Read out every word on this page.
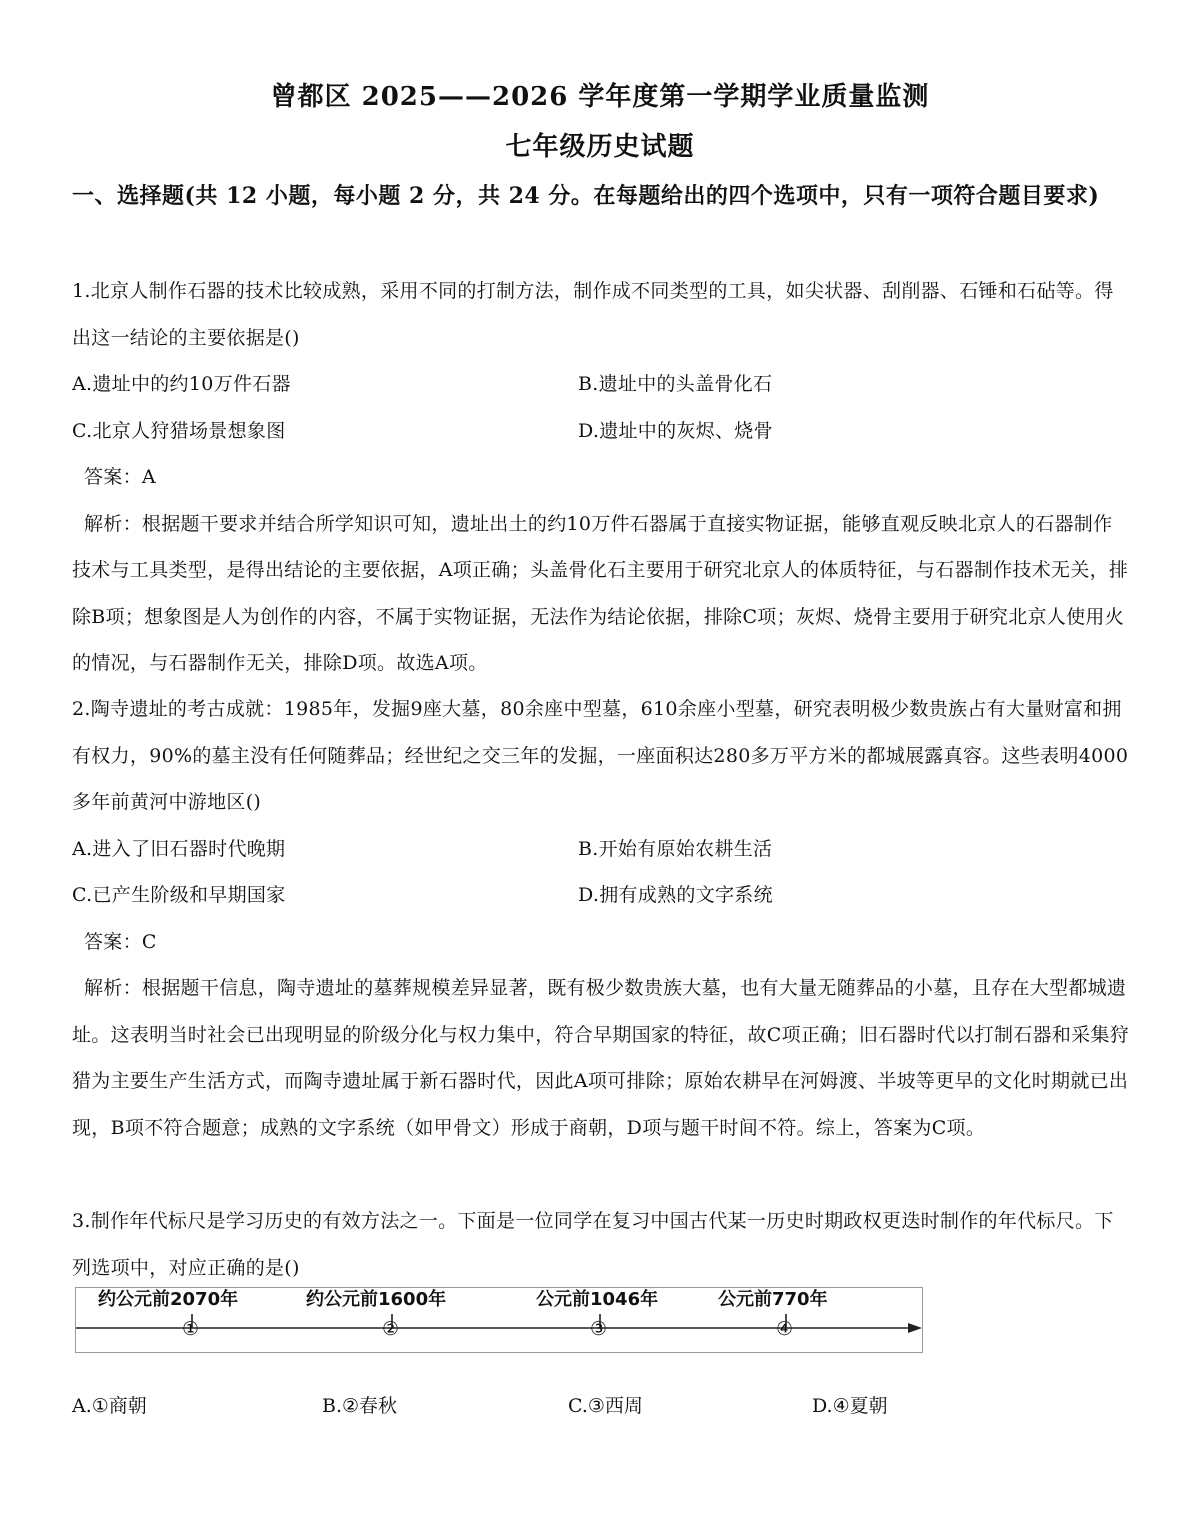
曾都区 2025——2026 学年度第一学期学业质量监测
七年级历史试题
一、选择题(共 12 小题，每小题 2 分，共 24 分。在每题给出的四个选项中，只有一项符合题目要求)
1.北京人制作石器的技术比较成熟，采用不同的打制方法，制作成不同类型的工具，如尖状器、刮削器、石锤和石砧等。得出这一结论的主要依据是()
A.遗址中的约10万件石器	B.遗址中的头盖骨化石
C.北京人狩猎场景想象图	D.遗址中的灰烬、烧骨
答案：A
解析：根据题干要求并结合所学知识可知，遗址出土的约10万件石器属于直接实物证据，能够直观反映北京人的石器制作技术与工具类型，是得出结论的主要依据，A项正确；头盖骨化石主要用于研究北京人的体质特征，与石器制作技术无关，排除B项；想象图是人为创作的内容，不属于实物证据，无法作为结论依据，排除C项；灰烬、烧骨主要用于研究北京人使用火的情况，与石器制作无关，排除D项。故选A项。
2.陶寺遗址的考古成就：1985年，发掘9座大墓，80余座中型墓，610余座小型墓，研究表明极少数贵族占有大量财富和拥有权力，90%的墓主没有任何随葬品；经世纪之交三年的发掘，一座面积达280多万平方米的都城展露真容。这些表明4000多年前黄河中游地区()
A.进入了旧石器时代晚期	B.开始有原始农耕生活
C.已产生阶级和早期国家	D.拥有成熟的文字系统
答案：C
解析：根据题干信息，陶寺遗址的墓葬规模差异显著，既有极少数贵族大墓，也有大量无随葬品的小墓，且存在大型都城遗址。这表明当时社会已出现明显的阶级分化与权力集中，符合早期国家的特征，故C项正确；旧石器时代以打制石器和采集狩猎为主要生产生活方式，而陶寺遗址属于新石器时代，因此A项可排除；原始农耕早在河姆渡、半坡等更早的文化时期就已出现，B项不符合题意；成熟的文字系统（如甲骨文）形成于商朝，D项与题干时间不符。综上，答案为C项。
3.制作年代标尺是学习历史的有效方法之一。下面是一位同学在复习中国古代某一历史时期政权更迭时制作的年代标尺。下列选项中，对应正确的是()
约公元前2070年	约公元前1600年	公元前1046年	公元前770年
①	②	③	④
A.①商朝	B.②春秋	C.③西周	D.④夏朝
